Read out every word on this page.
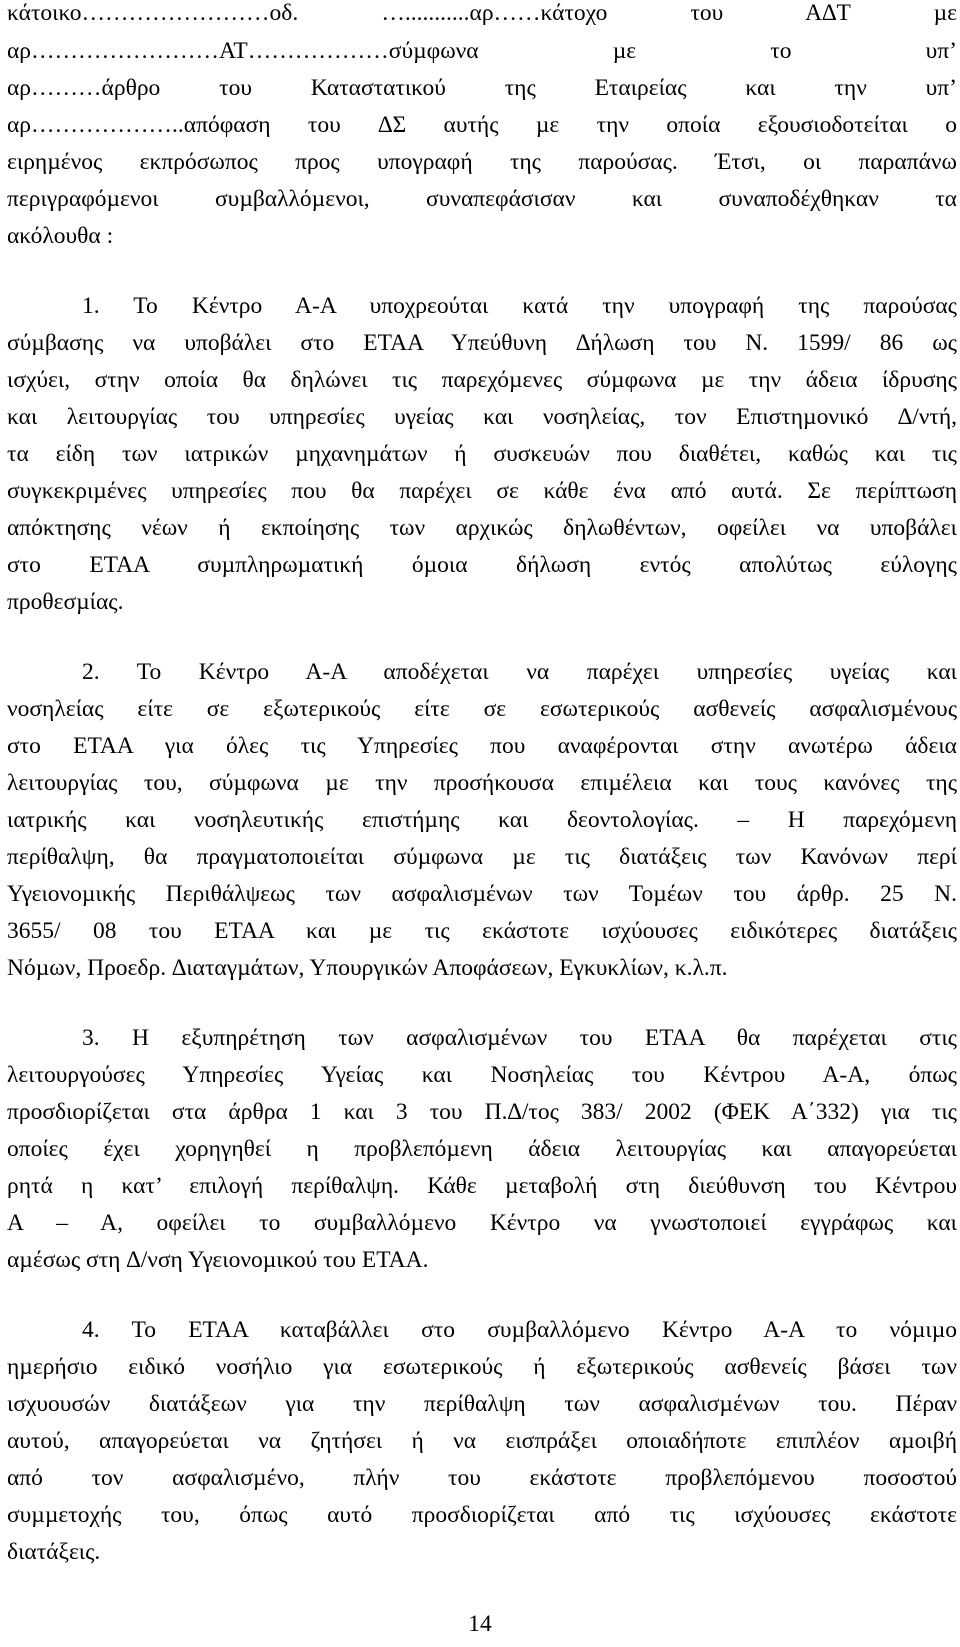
κάτοικο……………………οδ. …...........αρ……κάτοχο του Α∆Τ µε
αρ……………………ΑΤ………………σύµφωνα µε το υπ’
αρ………άρθρο του Καταστατικού της Εταιρείας και την υπ’
αρ………………..απόφαση του ∆Σ αυτής µε την οποία εξουσιοδοτείται ο
ειρηµένος εκπρόσωπος προς υπογραφή της παρούσας. Έτσι, οι παραπάνω
περιγραφόµενοι συµβαλλόµενοι, συναπεφάσισαν και συναποδέχθηκαν τα
ακόλουθα :
1. Το Κέντρο Α-Α υποχρεούται κατά την υπογραφή της παρούσας
σύµβασης να υποβάλει στο ΕΤΑΑ Υπεύθυνη ∆ήλωση του Ν. 1599/ 86 ως
ισχύει, στην οποία θα δηλώνει τις παρεχόµενες σύµφωνα µε την άδεια ίδρυσης
και λειτουργίας του υπηρεσίες υγείας και νοσηλείας, τον Επιστηµονικό ∆/ντή,
τα είδη των ιατρικών µηχανηµάτων ή συσκευών που διαθέτει, καθώς και τις
συγκεκριµένες υπηρεσίες που θα παρέχει σε κάθε ένα από αυτά. Σε περίπτωση
απόκτησης νέων ή εκποίησης των αρχικώς δηλωθέντων, οφείλει να υποβάλει
στο ΕΤΑΑ συµπληρωµατική όµοια δήλωση εντός απολύτως εύλογης
προθεσµίας.
2. Το Κέντρο Α-Α αποδέχεται να παρέχει υπηρεσίες υγείας και
νοσηλείας είτε σε εξωτερικούς είτε σε εσωτερικούς ασθενείς ασφαλισµένους
στο ΕΤΑΑ για όλες τις Υπηρεσίες που αναφέρονται στην ανωτέρω άδεια
λειτουργίας του, σύµφωνα µε την προσήκουσα επιµέλεια και τους κανόνες της
ιατρικής και νοσηλευτικής επιστήµης και δεοντολογίας. – Η παρεχόµενη
περίθαλψη, θα πραγµατοποιείται σύµφωνα µε τις διατάξεις των Κανόνων περί
Υγειονοµικής Περιθάλψεως των ασφαλισµένων των Τοµέων του άρθρ. 25 Ν.
3655/ 08 του ΕΤΑΑ και µε τις εκάστοτε ισχύουσες ειδικότερες διατάξεις
Νόµων, Προεδρ. ∆ιαταγµάτων, Υπουργικών Αποφάσεων, Εγκυκλίων, κ.λ.π.
3. Η εξυπηρέτηση των ασφαλισµένων του ΕΤΑΑ θα παρέχεται στις
λειτουργούσες Υπηρεσίες Υγείας και Νοσηλείας του Κέντρου Α-Α, όπως
προσδιορίζεται στα άρθρα 1 και 3 του Π.∆/τος 383/ 2002 (ΦΕΚ Α΄332) για τις
οποίες έχει χορηγηθεί η προβλεπόµενη άδεια λειτουργίας και απαγορεύεται
ρητά η κατ’ επιλογή περίθαλψη. Κάθε µεταβολή στη διεύθυνση του Κέντρου
Α – Α, οφείλει το συµβαλλόµενο Κέντρο να γνωστοποιεί εγγράφως και
αµέσως στη ∆/νση Υγειονοµικού του ΕΤΑΑ.
4. Το ΕΤΑΑ καταβάλλει στο συµβαλλόµενο Κέντρο Α-Α το νόµιµο
ηµερήσιο ειδικό νοσήλιο για εσωτερικούς ή εξωτερικούς ασθενείς βάσει των
ισχυουσών διατάξεων για την περίθαλψη των ασφαλισµένων του. Πέραν
αυτού, απαγορεύεται να ζητήσει ή να εισπράξει οποιαδήποτε επιπλέον αµοιβή
από τον ασφαλισµένο, πλήν του εκάστοτε προβλεπόµενου ποσοστού
συµµετοχής του, όπως αυτό προσδιορίζεται από τις ισχύουσες εκάστοτε
διατάξεις.
14
